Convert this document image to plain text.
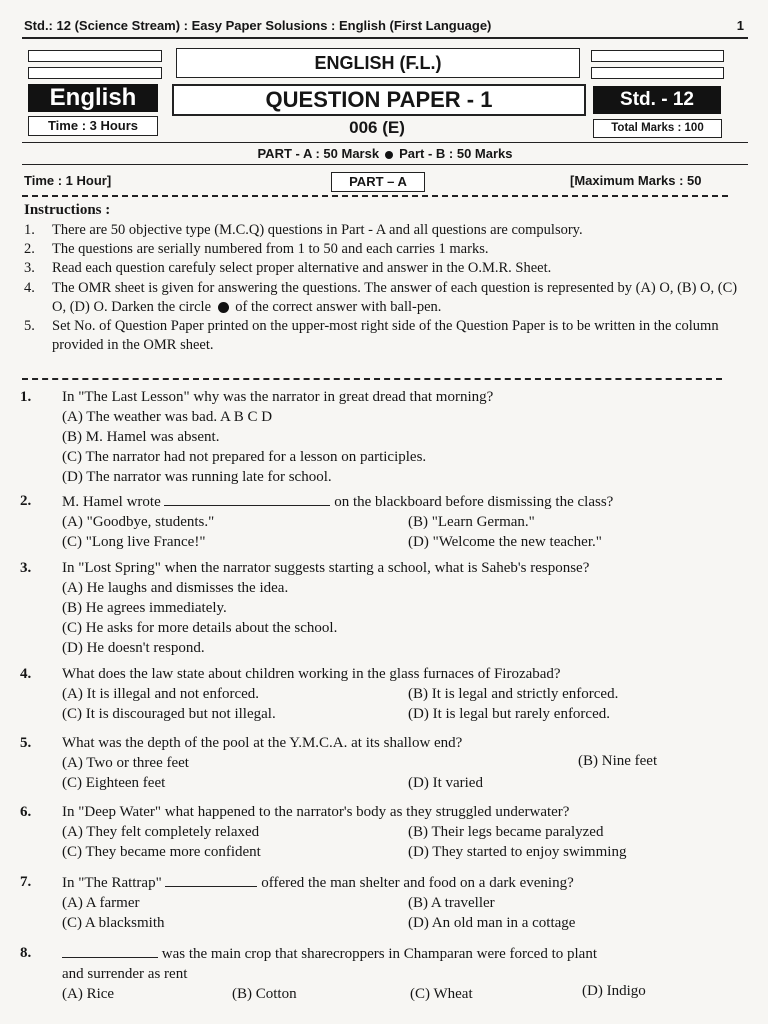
Std.: 12 (Science Stream) : Easy Paper Solusions : English (First Language)	1
English
Time : 3 Hours
ENGLISH (F.L.)
QUESTION PAPER - 1
006 (E)
Std. - 12
Total Marks : 100
PART - A : 50 Marsk Part - B : 50 Marks
Time : 1 Hour]	PART – A	[Maximum Marks : 50
Instructions :
1.	There are 50 objective type (M.C.Q) questions in Part - A and all questions are compulsory.
2.	The questions are serially numbered from 1 to 50 and each carries 1 marks.
3.	Read each question carefuly select proper alternative and answer in the O.M.R. Sheet.
4.	The OMR sheet is given for answering the questions. The answer of each question is represented by (A) O, (B) O, (C) O, (D) O. Darken the circle of the correct answer with ball-pen.
5.	Set No. of Question Paper printed on the upper-most right side of the Question Paper is to be written in the column provided in the OMR sheet.
1. In "The Last Lesson" why was the narrator in great dread that morning?
(A) The weather was bad. A B C D
(B) M. Hamel was absent.
(C) The narrator had not prepared for a lesson on participles.
(D) The narrator was running late for school.
2. M. Hamel wrote	on the blackboard before dismissing the class?
(A) "Goodbye, students."	(B) "Learn German."
(C) "Long live France!"	(D) "Welcome the new teacher."
3. In "Lost Spring" when the narrator suggests starting a school, what is Saheb's response?
(A) He laughs and dismisses the idea.
(B) He agrees immediately.
(C) He asks for more details about the school.
(D) He doesn't respond.
4. What does the law state about children working in the glass furnaces of Firozabad?
(A) It is illegal and not enforced.	(B) It is legal and strictly enforced.
(C) It is discouraged but not illegal.	(D) It is legal but rarely enforced.
5. What was the depth of the pool at the Y.M.C.A. at its shallow end?
(A) Two or three feet	(B) Nine feet
(C) Eighteen feet	(D) It varied
6. In "Deep Water" what happened to the narrator's body as they struggled underwater?
(A) They felt completely relaxed	(B) Their legs became paralyzed
(C) They became more confident	(D) They started to enjoy swimming
7. In "The Rattrap"	offered the man shelter and food on a dark evening?
(A) A farmer	(B) A traveller
(C) A blacksmith	(D) An old man in a cottage
8.	was the main crop that sharecroppers in Champaran were forced to plant
and surrender as rent
(A) Rice	(B) Cotton	(C) Wheat	(D) Indigo
